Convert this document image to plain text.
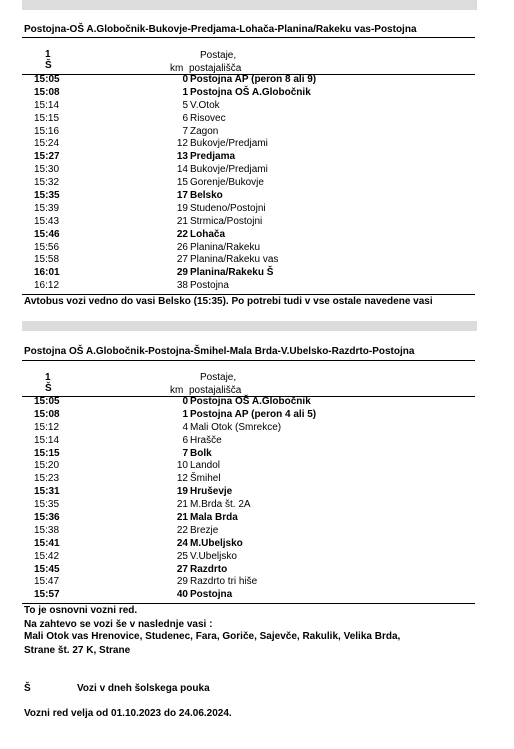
Postojna-OŠ A.Globočnik-Bukovje-Predjama-Lohača-Planina/Rakeku vas-Postojna
1
Š	km
Postaje,
postajališča
15:05	0 Postojna AP (peron 8 ali 9)
15:08	1 Postojna OŠ A.Globočnik
15:14	5 V.Otok
15:15	6 Risovec
15:16	7 Zagon
15:24	12 Bukovje/Predjami
15:27	13 Predjama
15:30	14 Bukovje/Predjami
15:32	15 Gorenje/Bukovje
15:35	17 Belsko
15:39	19 Studeno/Postojni
15:43	21 Strmica/Postojni
15:46	22 Lohača
15:56	26 Planina/Rakeku
15:58	27 Planina/Rakeku vas
16:01	29 Planina/Rakeku Š
16:12	38 Postojna
Avtobus vozi vedno do vasi Belsko (15:35). Po potrebi tudi v vse ostale navedene vasi
Postojna OŠ A.Globočnik-Postojna-Šmihel-Mala Brda-V.Ubelsko-Razdrto-Postojna
1
Š	km
Postaje,
postajališča
15:05	0 Postojna OŠ A.Globočnik
15:08	1 Postojna AP (peron 4 ali 5)
15:12	4 Mali Otok (Smrekce)
15:14	6 Hrašče
15:15	7 Bolk
15:20	10 Landol
15:23	12 Šmihel
15:31	19 Hruševje
15:35	21 M.Brda št. 2A
15:36	21 Mala Brda
15:38	22 Brezje
15:41	24 M.Ubeljsko
15:42	25 V.Ubeljsko
15:45	27 Razdrto
15:47	29 Razdrto tri hiše
15:57	40 Postojna
To je osnovni vozni red.
Na zahtevo se vozi še v naslednje vasi :
Mali Otok vas Hrenovice, Studenec, Fara, Goriče, Sajevče, Rakulik, Velika Brda,
Strane št. 27 K, Strane
Š	Vozi v dneh šolskega pouka
Vozni red velja od 01.10.2023 do 24.06.2024.
